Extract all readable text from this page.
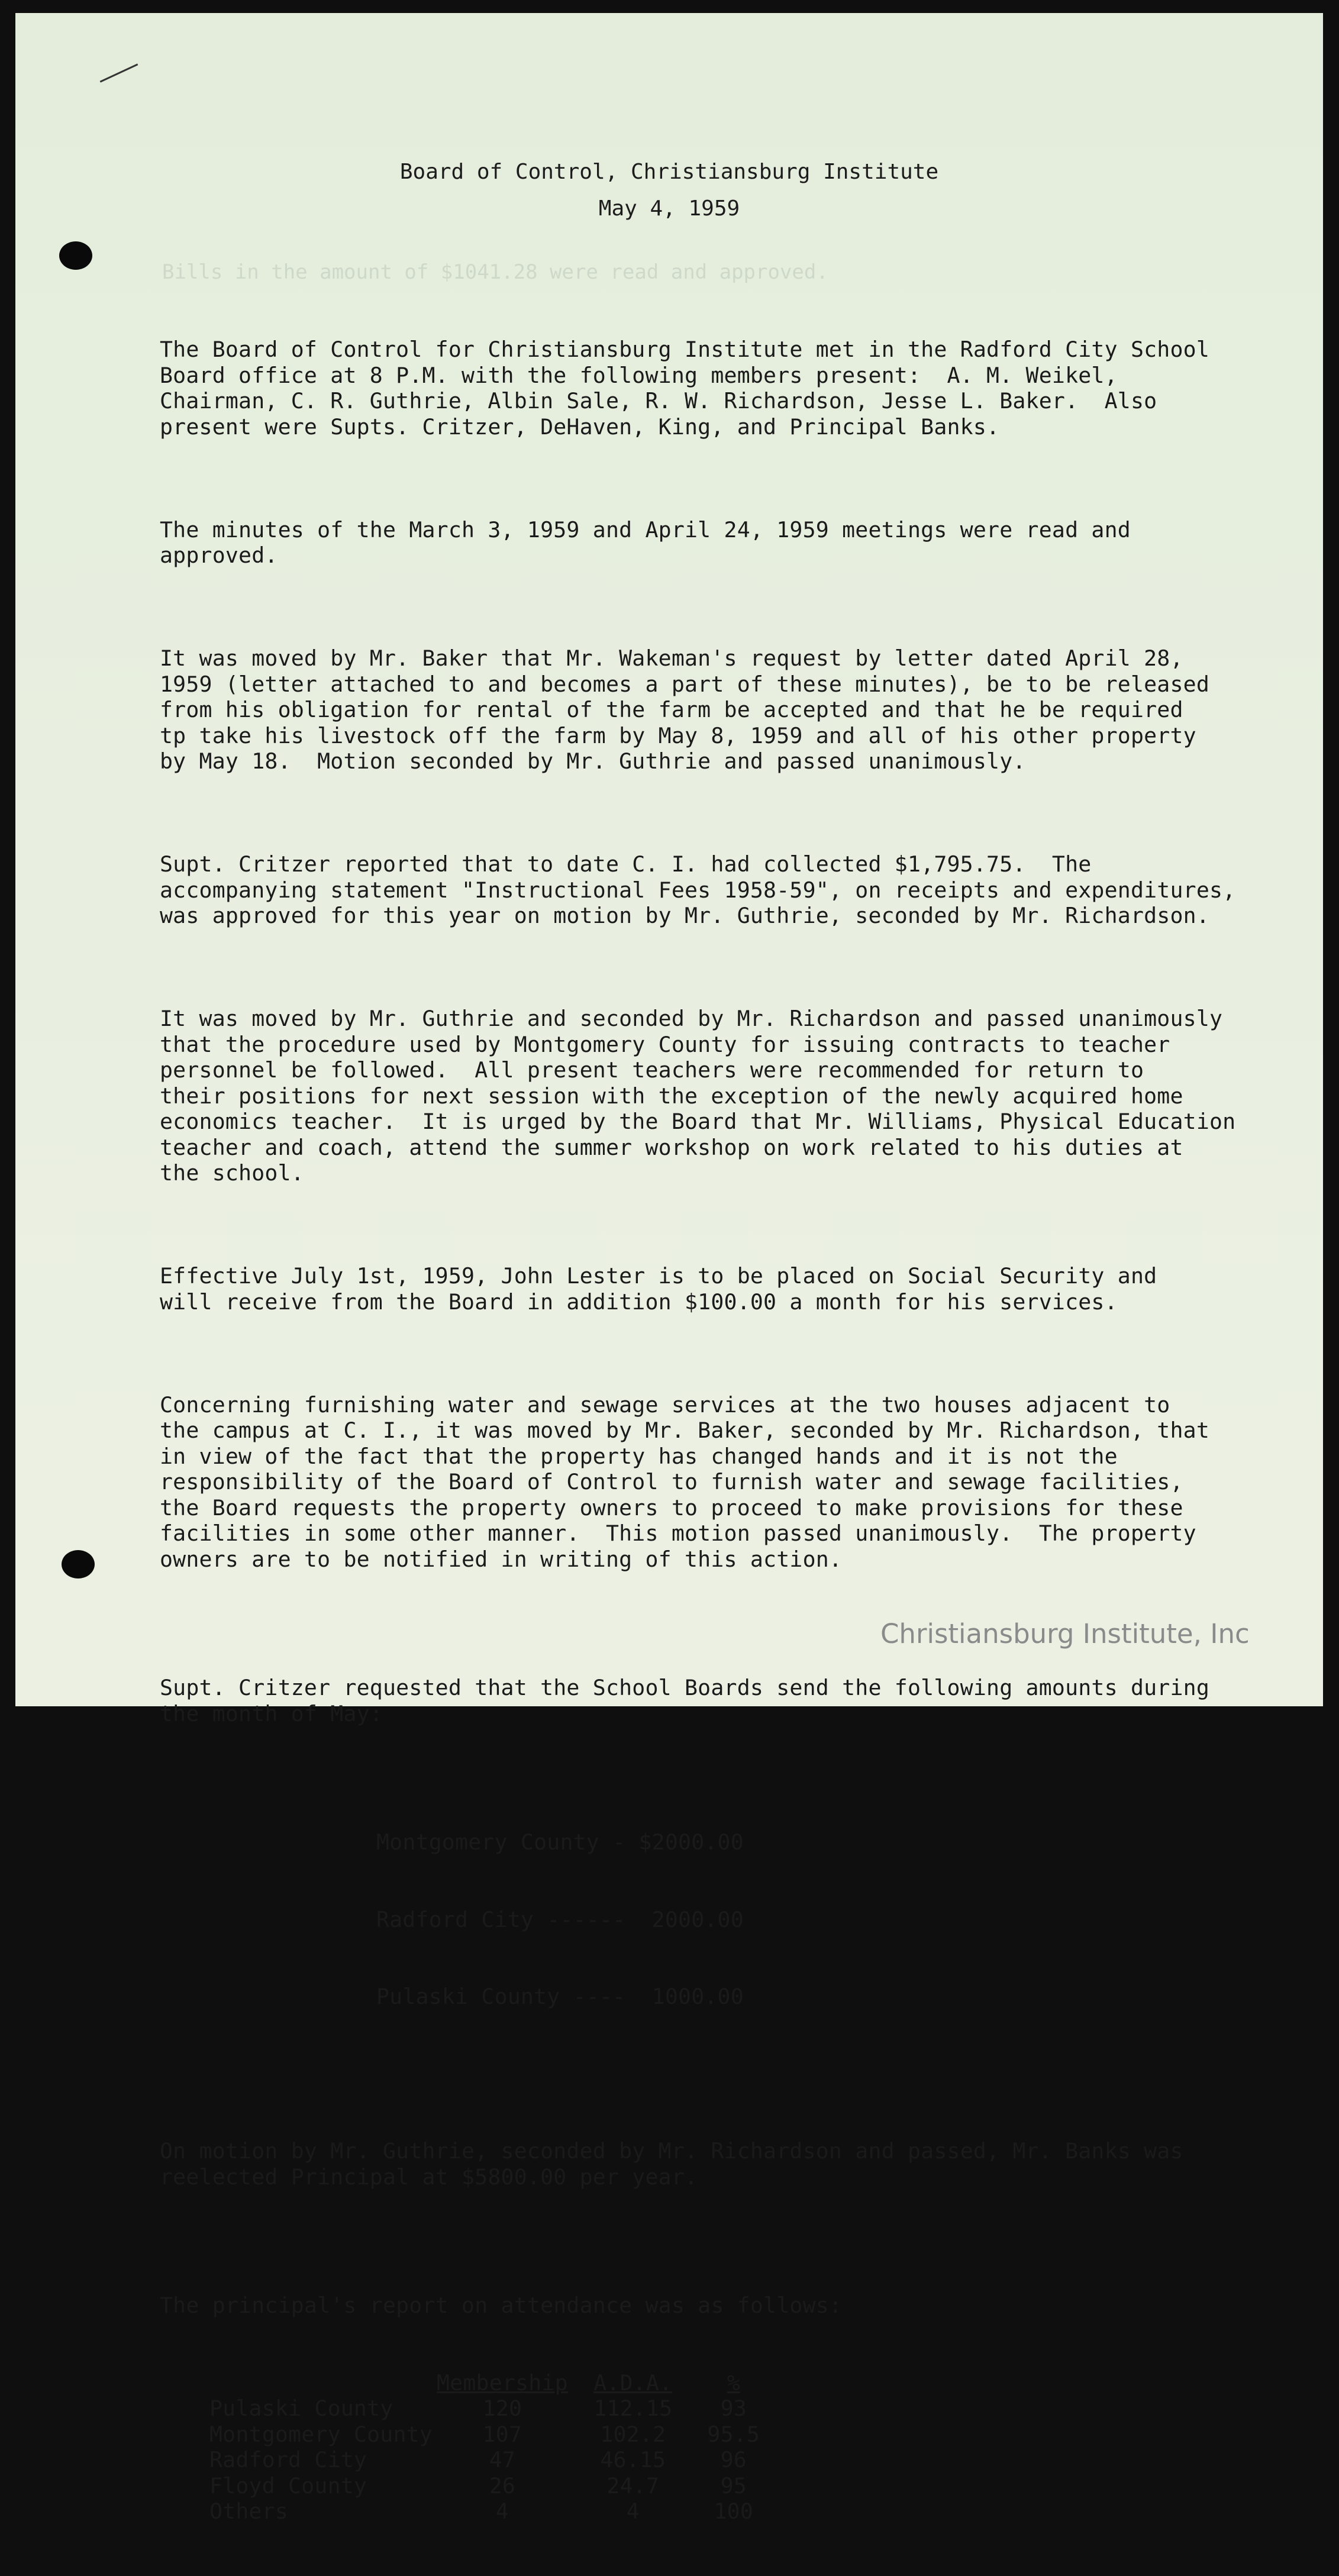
Bills in the amount of $1041.28 were read and approved.
Board of Control, Christiansburg Institute
May 4, 1959

The Board of Control for Christiansburg Institute met in the Radford City School
Board office at 8 P.M. with the following members present:  A. M. Weikel,
Chairman, C. R. Guthrie, Albin Sale, R. W. Richardson, Jesse L. Baker.  Also
present were Supts. Critzer, DeHaven, King, and Principal Banks.

The minutes of the March 3, 1959 and April 24, 1959 meetings were read and
approved.

It was moved by Mr. Baker that Mr. Wakeman's request by letter dated April 28,
1959 (letter attached to and becomes a part of these minutes), be to be released
from his obligation for rental of the farm be accepted and that he be required
tp take his livestock off the farm by May 8, 1959 and all of his other property
by May 18.  Motion seconded by Mr. Guthrie and passed unanimously.

Supt. Critzer reported that to date C. I. had collected $1,795.75.  The
accompanying statement "Instructional Fees 1958-59", on receipts and expenditures,
was approved for this year on motion by Mr. Guthrie, seconded by Mr. Richardson.

It was moved by Mr. Guthrie and seconded by Mr. Richardson and passed unanimously
that the procedure used by Montgomery County for issuing contracts to teacher
personnel be followed.  All present teachers were recommended for return to
their positions for next session with the exception of the newly acquired home
economics teacher.  It is urged by the Board that Mr. Williams, Physical Education
teacher and coach, attend the summer workshop on work related to his duties at
the school.

Effective July 1st, 1959, John Lester is to be placed on Social Security and
will receive from the Board in addition $100.00 a month for his services.

Concerning furnishing water and sewage services at the two houses adjacent to
the campus at C. I., it was moved by Mr. Baker, seconded by Mr. Richardson, that
in view of the fact that the property has changed hands and it is not the
responsibility of the Board of Control to furnish water and sewage facilities,
the Board requests the property owners to proceed to make provisions for these
facilities in some other manner.  This motion passed unanimously.  The property
owners are to be notified in writing of this action.

Supt. Critzer requested that the School Boards send the following amounts during
the month of May:

Montgomery County - $2000.00

Radford City ------  2000.00

Pulaski County ----  1000.00

On motion by Mr. Guthrie, seconded by Mr. Richardson and passed, Mr. Banks was
reelected Principal at $5800.00 per year.

The principal's report on attendance was as follows:

	Membership	A.D.A.	%
Pulaski County	120	112.15	93
Montgomery County	107	102.2	95.5
Radford City	47	46.15	96
Floyd County	26	24.7	95
Others	4	4	100

Christiansburg Institute, Inc
